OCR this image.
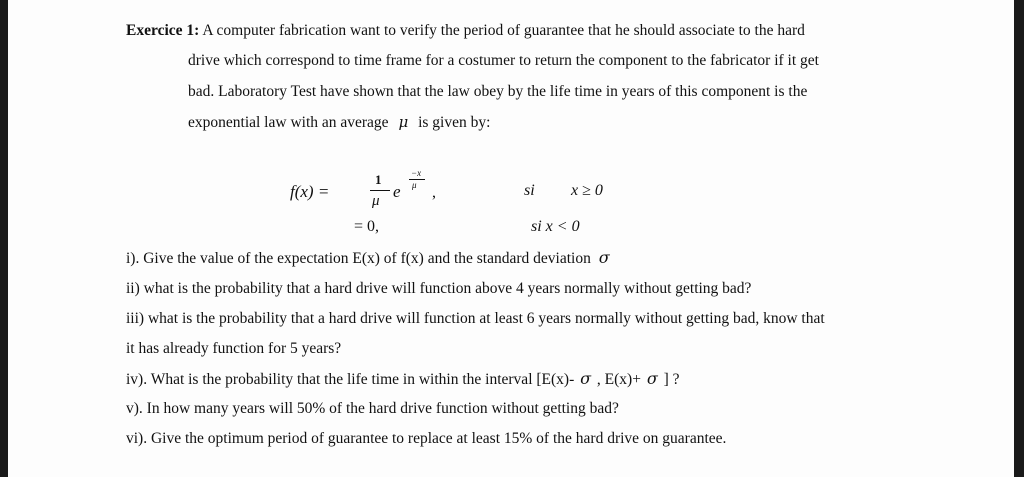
Exercice 1: A computer fabrication want to verify the period of guarantee that he should associate to the hard
drive which correspond to time frame for a costumer to return the component to the fabricator if it get
bad. Laboratory Test have shown that the law obey by the life time in years of this component is the
exponential law with an average μ is given by:
f(x) =
1
μ e
−x
μ ,	si x ≥ 0
= 0,	si x < 0
i). Give the value of the expectation E(x) of f(x) and the standard deviation σ
ii) what is the probability that a hard drive will function above 4 years normally without getting bad?
iii) what is the probability that a hard drive will function at least 6 years normally without getting bad, know that
it has already function for 5 years?
iv). What is the probability that the life time in within the interval [E(x)- σ , E(x)+ σ ] ?
v). In how many years will 50% of the hard drive function without getting bad?
vi). Give the optimum period of guarantee to replace at least 15% of the hard drive on guarantee.
